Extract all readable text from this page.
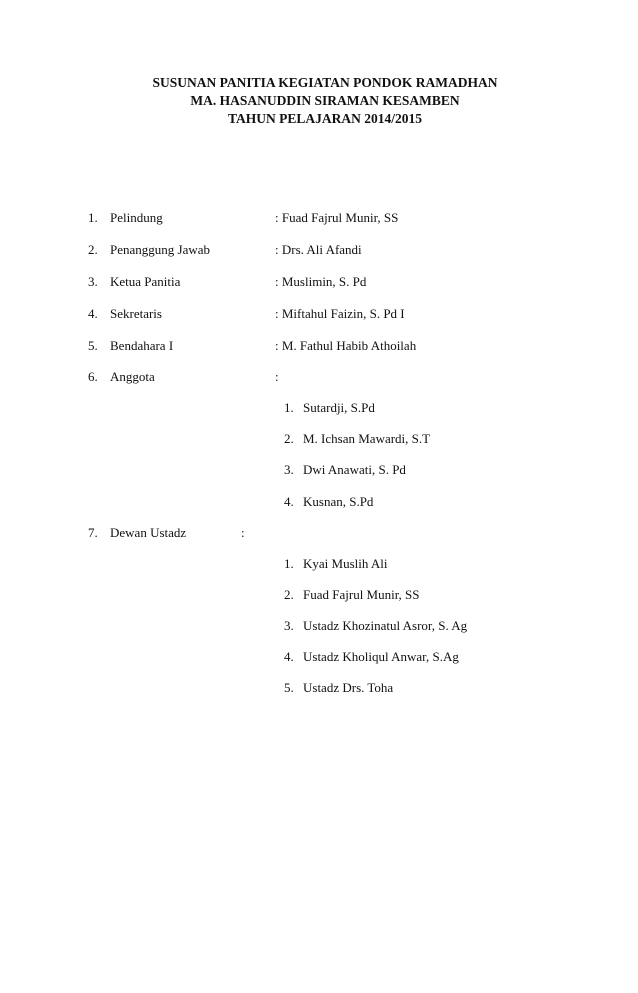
SUSUNAN PANITIA KEGIATAN PONDOK RAMADHAN
MA. HASANUDDIN SIRAMAN KESAMBEN
TAHUN PELAJARAN 2014/2015
1. Pelindung	: Fuad Fajrul Munir, SS
2. Penanggung Jawab	: Drs. Ali Afandi
3. Ketua Panitia	: Muslimin, S. Pd
4. Sekretaris	: Miftahul Faizin, S. Pd I
5. Bendahara I	: M. Fathul Habib Athoilah
6. Anggota	:
1. Sutardji, S.Pd
2. M. Ichsan Mawardi, S.T
3. Dwi Anawati, S. Pd
4. Kusnan, S.Pd
7. Dewan Ustadz	:
1. Kyai Muslih Ali
2. Fuad Fajrul Munir, SS
3. Ustadz Khozinatul Asror, S. Ag
4. Ustadz Kholiqul Anwar, S.Ag
5. Ustadz Drs. Toha
